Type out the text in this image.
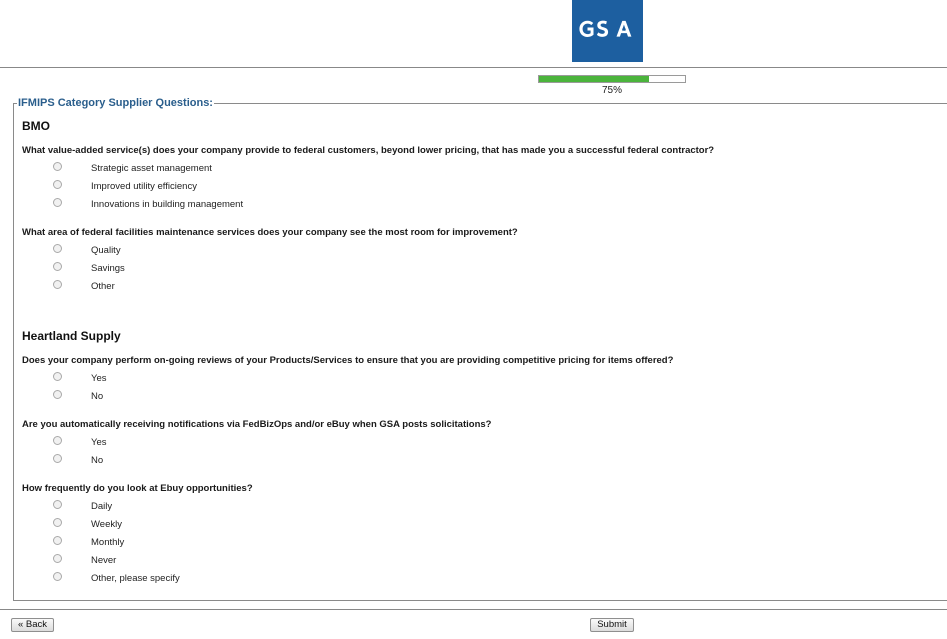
75%
IFMIPS Category Supplier Questions:
BMO
What value-added service(s) does your company provide to federal customers, beyond lower pricing, that has made you a successful federal contractor?
Strategic asset management
Improved utility efficiency
Innovations in building management
What area of federal facilities maintenance services does your company see the most room for improvement?
Quality
Savings
Other
Heartland Supply
Does your company perform on-going reviews of your Products/Services to ensure that you are providing competitive pricing for items offered?
Yes
No
Are you automatically receiving notifications via FedBizOps and/or eBuy when GSA posts solicitations?
Yes
No
How frequently do you look at Ebuy opportunities?
Daily
Weekly
Monthly
Never
Other, please specify
« Back	Submit
